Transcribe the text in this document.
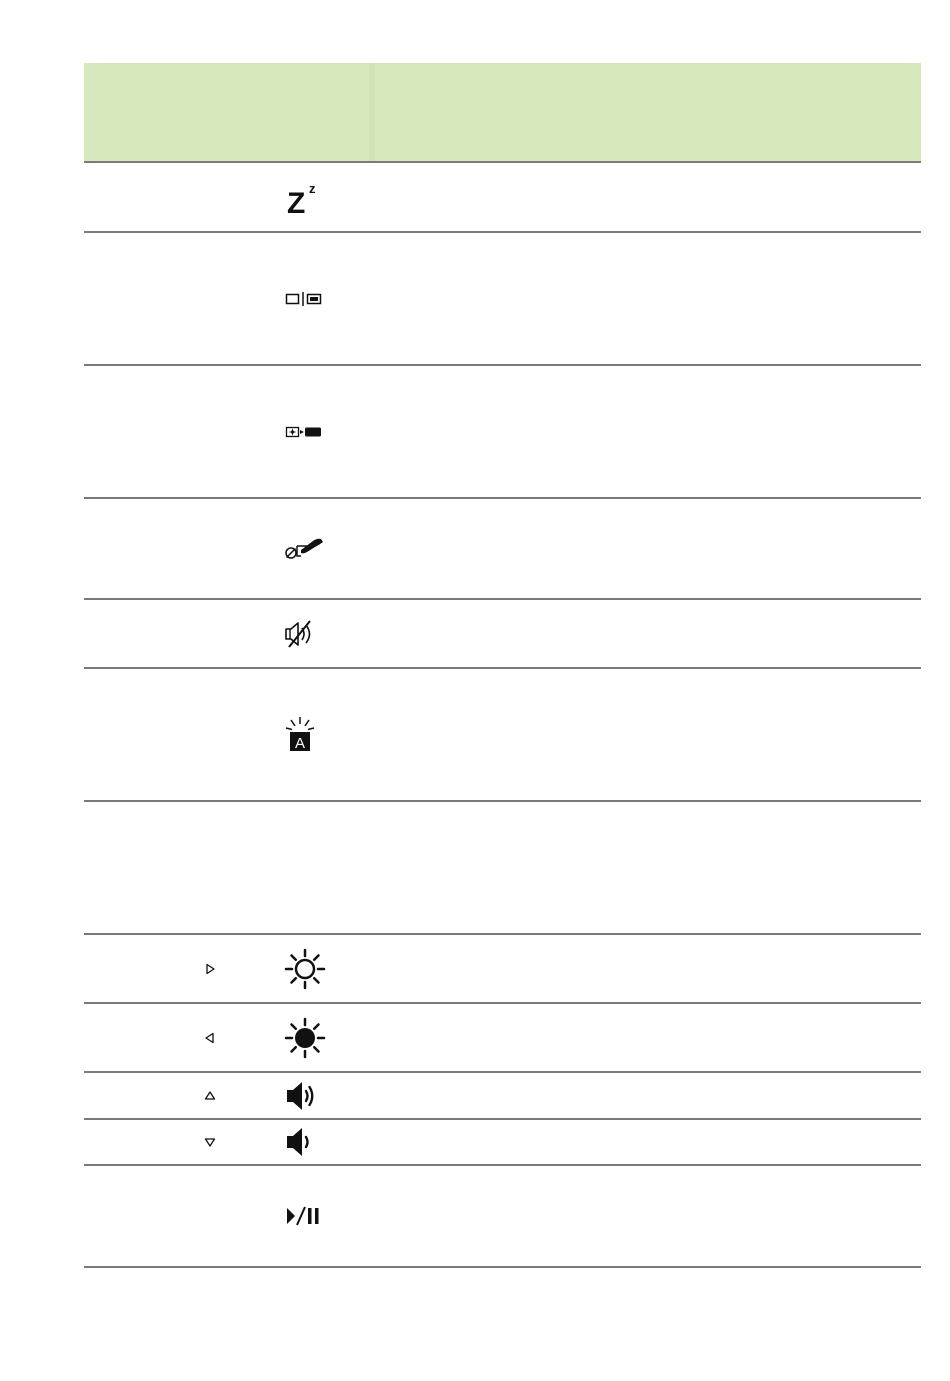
Z z
A
